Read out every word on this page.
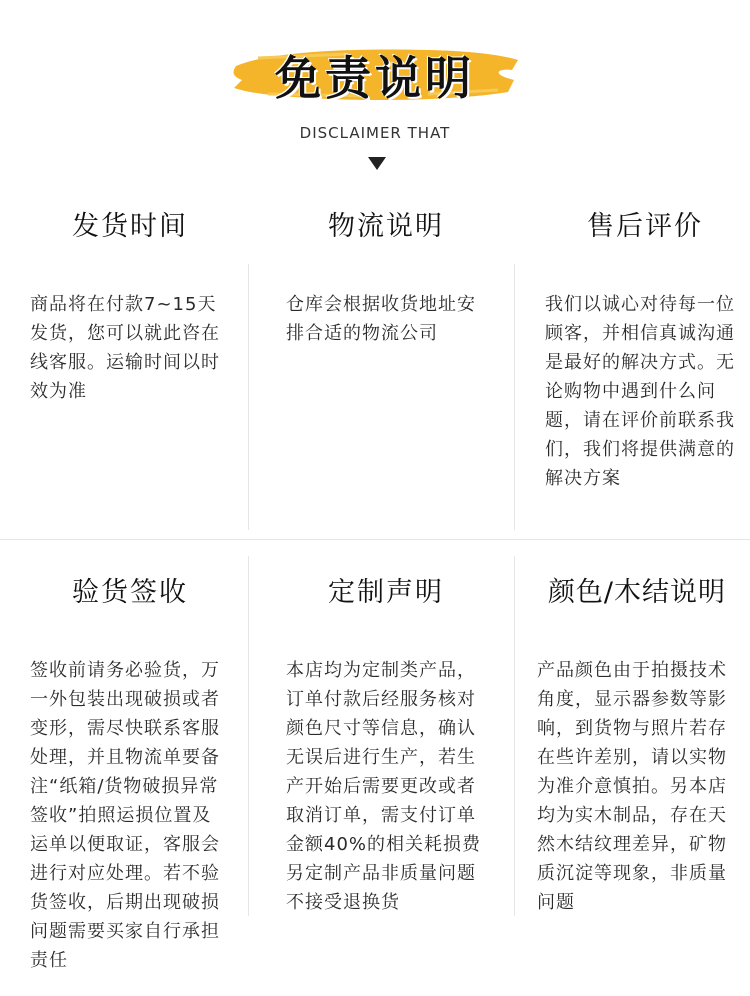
免责说明
DISCLAIMER THAT
发货时间

商品将在付款7~15天发货，您可以就此咨在线客服。运输时间以时效为准

物流说明

仓库会根据收货地址安排合适的物流公司

售后评价

我们以诚心对待每一位顾客，并相信真诚沟通是最好的解决方式。无论购物中遇到什么问题，请在评价前联系我们，我们将提供满意的解决方案

验货签收

签收前请务必验货，万一外包装出现破损或者变形，需尽快联系客服处理，并且物流单要备注“纸箱/货物破损异常签收”拍照运损位置及运单以便取证，客服会进行对应处理。若不验货签收，后期出现破损问题需要买家自行承担责任

定制声明

本店均为定制类产品，订单付款后经服务核对颜色尺寸等信息，确认无误后进行生产，若生产开始后需要更改或者取消订单，需支付订单金额40%的相关耗损费另定制产品非质量问题不接受退换货

颜色/木结说明

产品颜色由于拍摄技术角度，显示器参数等影响，到货物与照片若存在些许差别，请以实物为准介意慎拍。另本店均为实木制品，存在天然木结纹理差异，矿物质沉淀等现象，非质量问题
